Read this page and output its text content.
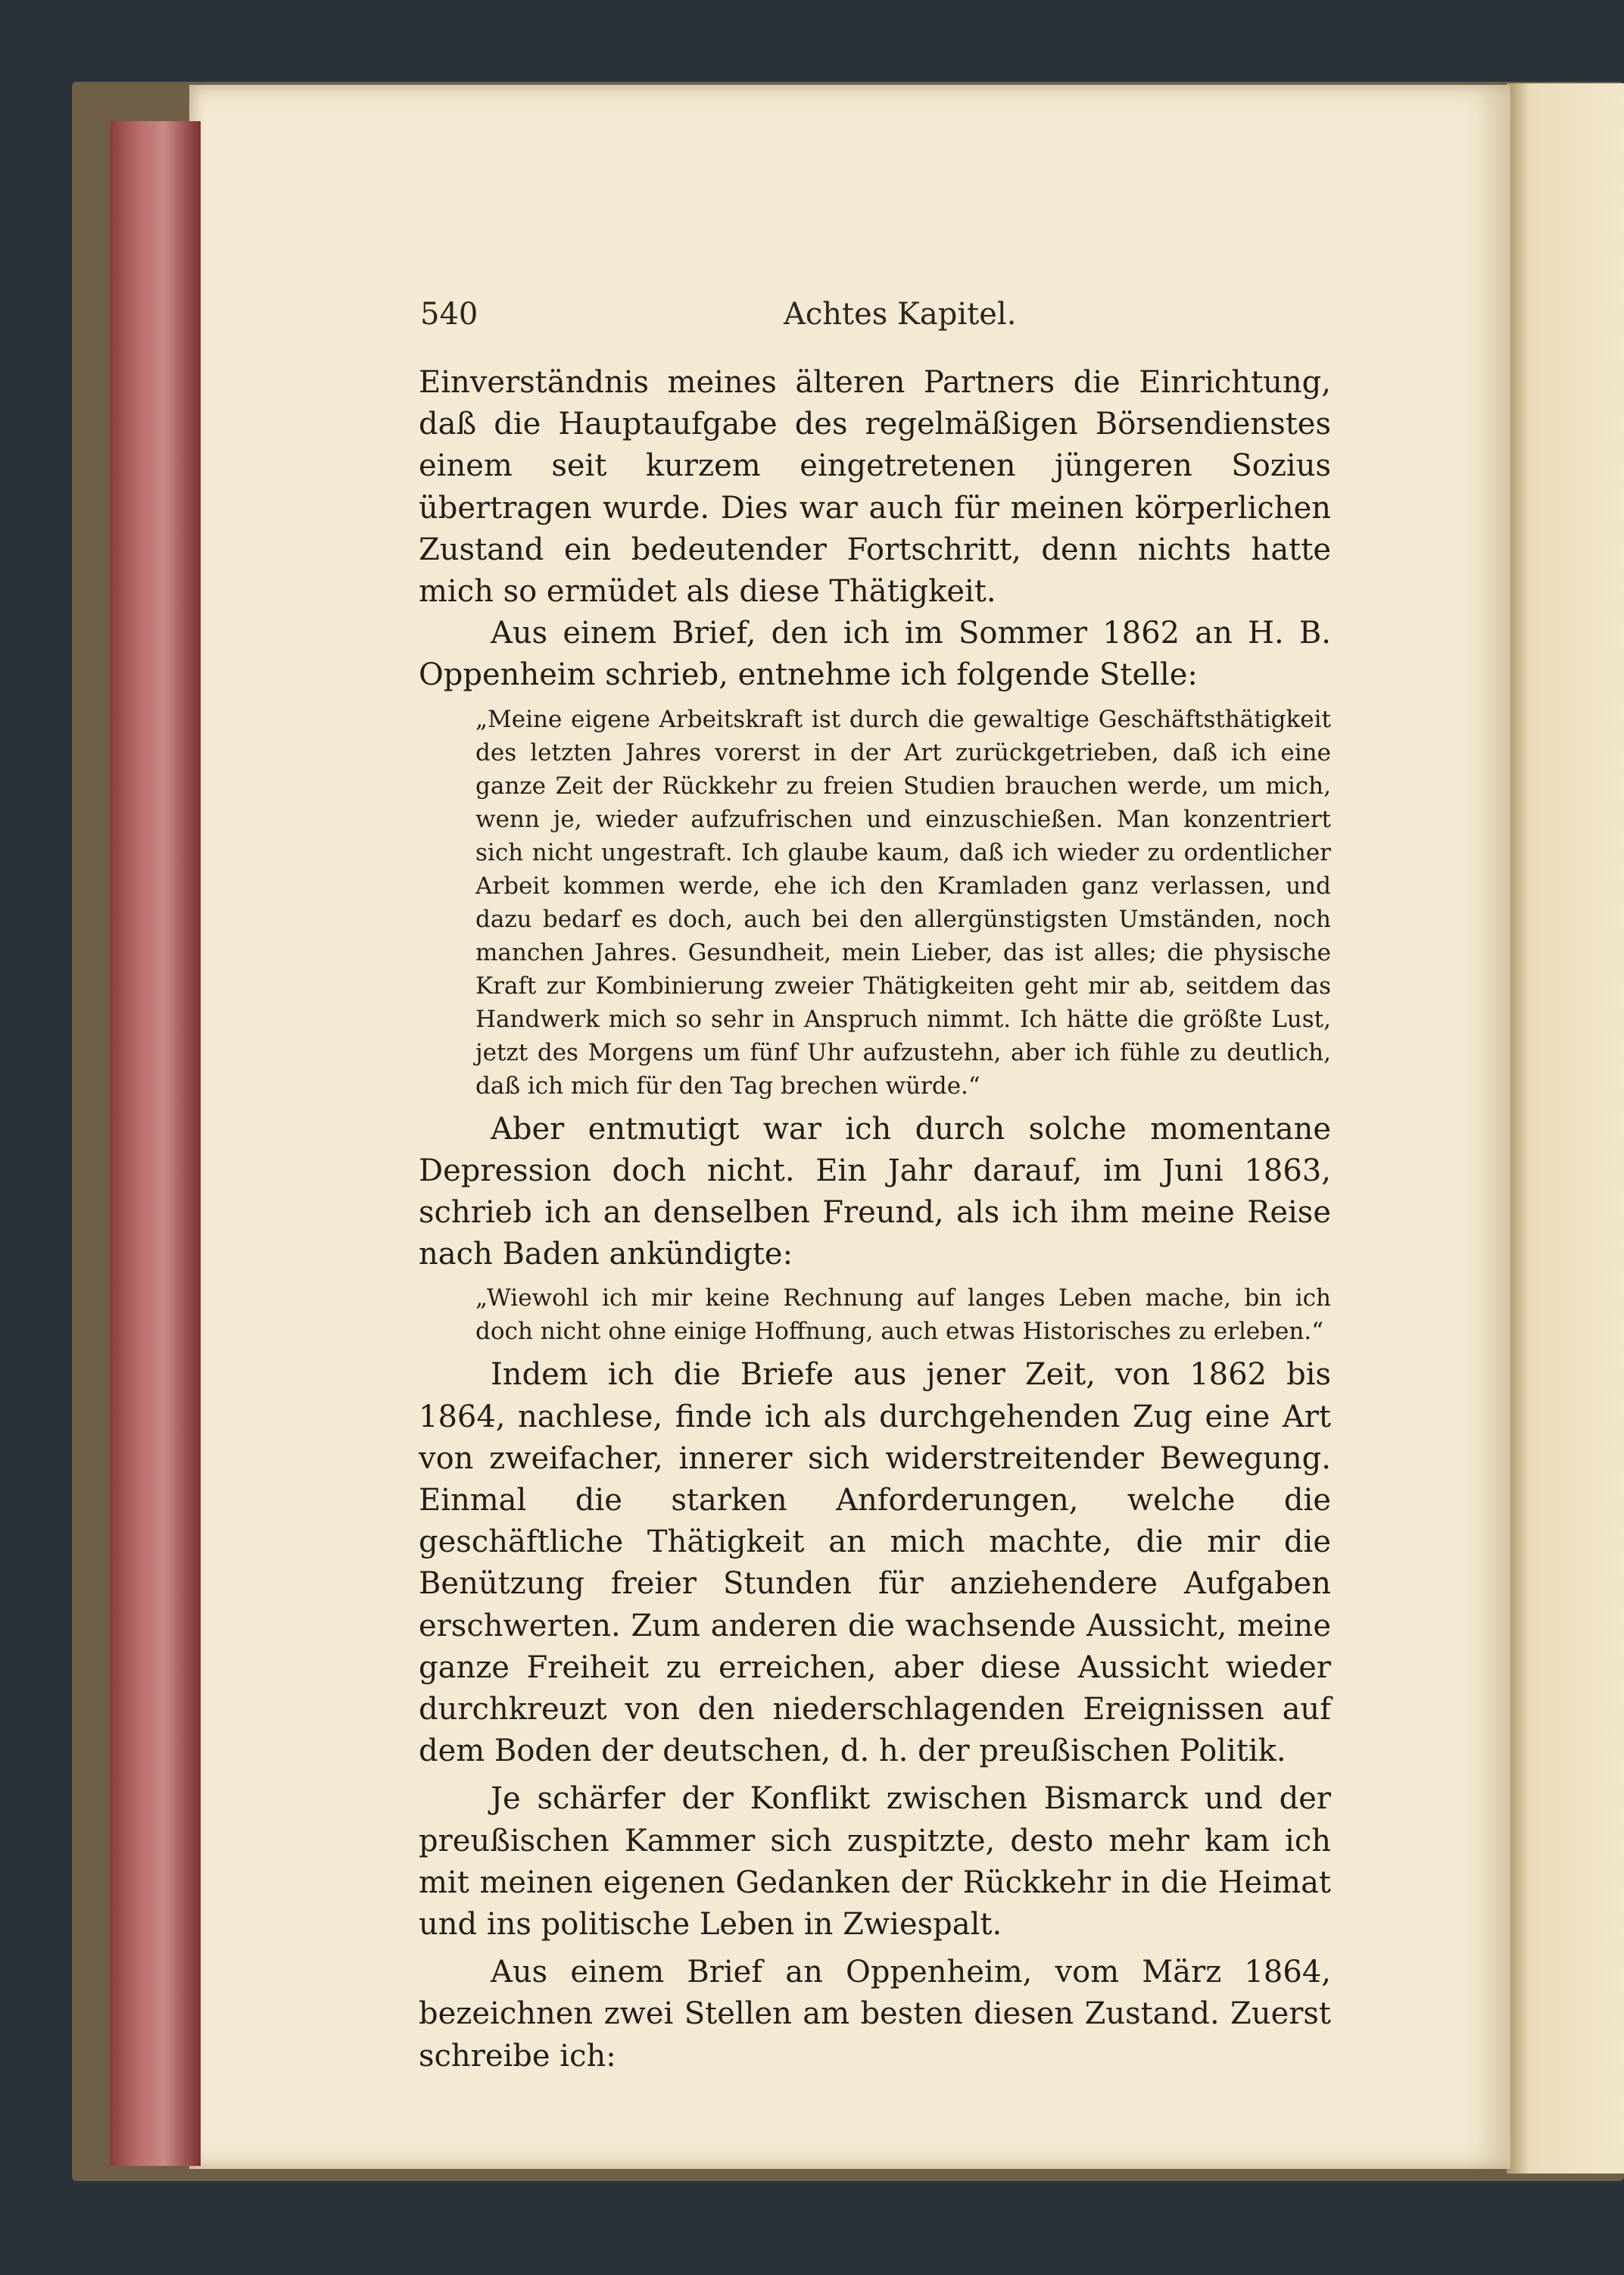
540	Achtes Kapitel.

Einverständnis meines älteren Partners die Einrichtung, daß die Hauptaufgabe des regelmäßigen Börsendienstes einem seit kurzem eingetretenen jüngeren Sozius übertragen wurde. Dies war auch für meinen körperlichen Zustand ein bedeutender Fortschritt, denn nichts hatte mich so ermüdet als diese Thätigkeit.

Aus einem Brief, den ich im Sommer 1862 an H. B. Oppenheim schrieb, entnehme ich folgende Stelle:

„Meine eigene Arbeitskraft ist durch die gewaltige Geschäftsthätigkeit des letzten Jahres vorerst in der Art zurückgetrieben, daß ich eine ganze Zeit der Rückkehr zu freien Studien brauchen werde, um mich, wenn je, wieder aufzufrischen und einzuschießen. Man konzentriert sich nicht ungestraft. Ich glaube kaum, daß ich wieder zu ordentlicher Arbeit kommen werde, ehe ich den Kramladen ganz verlassen, und dazu bedarf es doch, auch bei den allergünstigsten Umständen, noch manchen Jahres. Gesundheit, mein Lieber, das ist alles; die physische Kraft zur Kombinierung zweier Thätigkeiten geht mir ab, seitdem das Handwerk mich so sehr in Anspruch nimmt. Ich hätte die größte Lust, jetzt des Morgens um fünf Uhr aufzustehn, aber ich fühle zu deutlich, daß ich mich für den Tag brechen würde.“

Aber entmutigt war ich durch solche momentane Depression doch nicht. Ein Jahr darauf, im Juni 1863, schrieb ich an denselben Freund, als ich ihm meine Reise nach Baden ankündigte:

„Wiewohl ich mir keine Rechnung auf langes Leben mache, bin ich doch nicht ohne einige Hoffnung, auch etwas Historisches zu erleben.“

Indem ich die Briefe aus jener Zeit, von 1862 bis 1864, nachlese, finde ich als durchgehenden Zug eine Art von zweifacher, innerer sich widerstreitender Bewegung. Einmal die starken Anforderungen, welche die geschäftliche Thätigkeit an mich machte, die mir die Benützung freier Stunden für anziehendere Aufgaben erschwerten. Zum anderen die wachsende Aussicht, meine ganze Freiheit zu erreichen, aber diese Aussicht wieder durchkreuzt von den niederschlagenden Ereignissen auf dem Boden der deutschen, d. h. der preußischen Politik.

Je schärfer der Konflikt zwischen Bismarck und der preußischen Kammer sich zuspitzte, desto mehr kam ich mit meinen eigenen Gedanken der Rückkehr in die Heimat und ins politische Leben in Zwiespalt.

Aus einem Brief an Oppenheim, vom März 1864, bezeichnen zwei Stellen am besten diesen Zustand. Zuerst schreibe ich:
